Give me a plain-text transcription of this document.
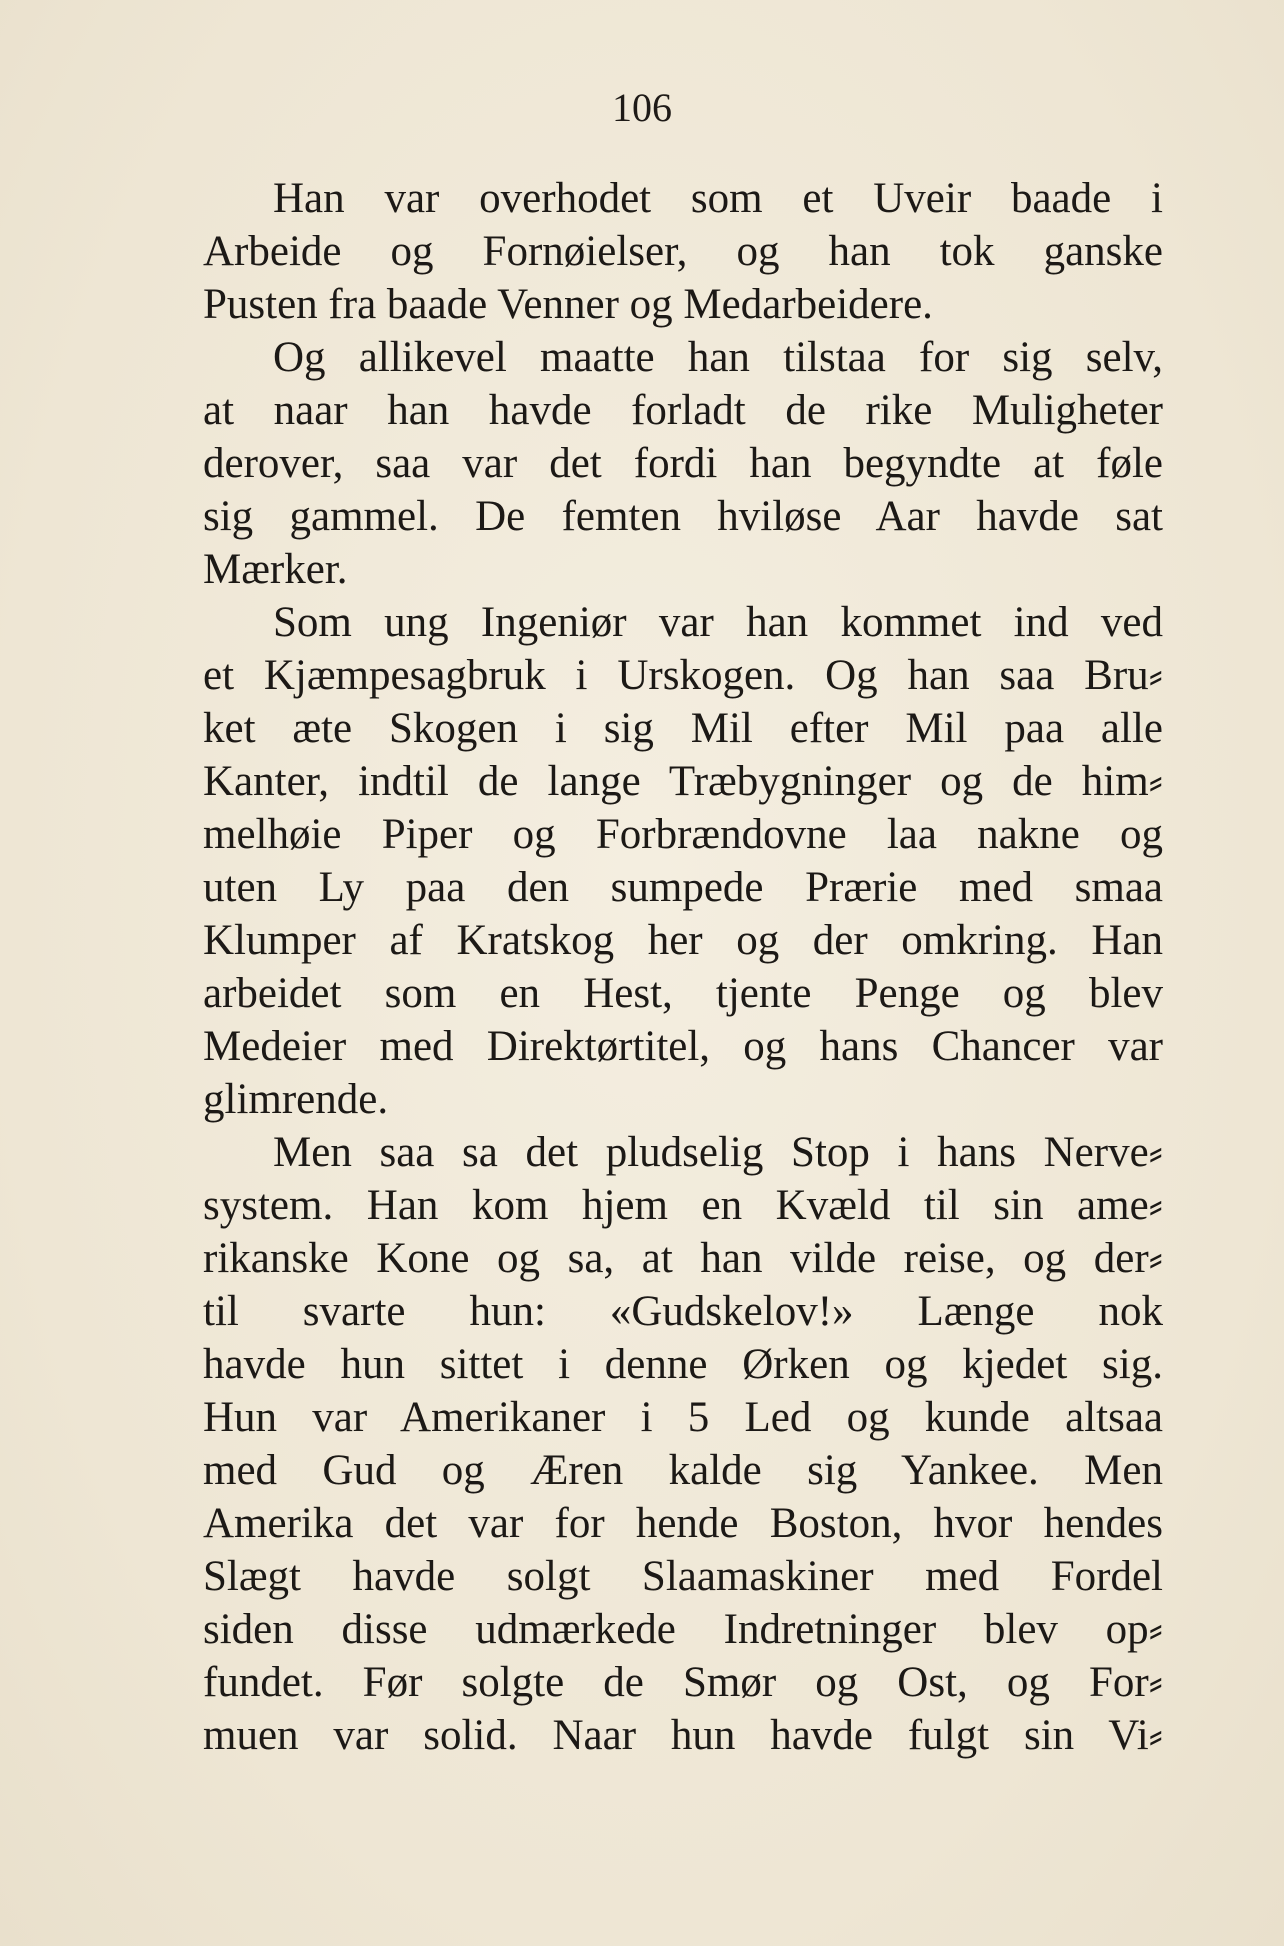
106
Han var overhodet som et Uveir baade i
Arbeide og Fornøielser, og han tok ganske
Pusten fra baade Venner og Medarbeidere.
Og allikevel maatte han tilstaa for sig selv,
at naar han havde forladt de rike Muligheter
derover, saa var det fordi han begyndte at føle
sig gammel. De femten hviløse Aar havde sat
Mærker.
Som ung Ingeniør var han kommet ind ved
et Kjæmpesagbruk i Urskogen. Og han saa Bru⸗
ket æte Skogen i sig Mil efter Mil paa alle
Kanter, indtil de lange Træbygninger og de him⸗
melhøie Piper og Forbrændovne laa nakne og
uten Ly paa den sumpede Prærie med smaa
Klumper af Kratskog her og der omkring. Han
arbeidet som en Hest, tjente Penge og blev
Medeier med Direktørtitel, og hans Chancer var
glimrende.
Men saa sa det pludselig Stop i hans Nerve⸗
system. Han kom hjem en Kvæld til sin ame⸗
rikanske Kone og sa, at han vilde reise, og der⸗
til svarte hun: «Gudskelov!» Længe nok
havde hun sittet i denne Ørken og kjedet sig.
Hun var Amerikaner i 5 Led og kunde altsaa
med Gud og Æren kalde sig Yankee. Men
Amerika det var for hende Boston, hvor hendes
Slægt havde solgt Slaamaskiner med Fordel
siden disse udmærkede Indretninger blev op⸗
fundet. Før solgte de Smør og Ost, og For⸗
muen var solid. Naar hun havde fulgt sin Vi⸗
